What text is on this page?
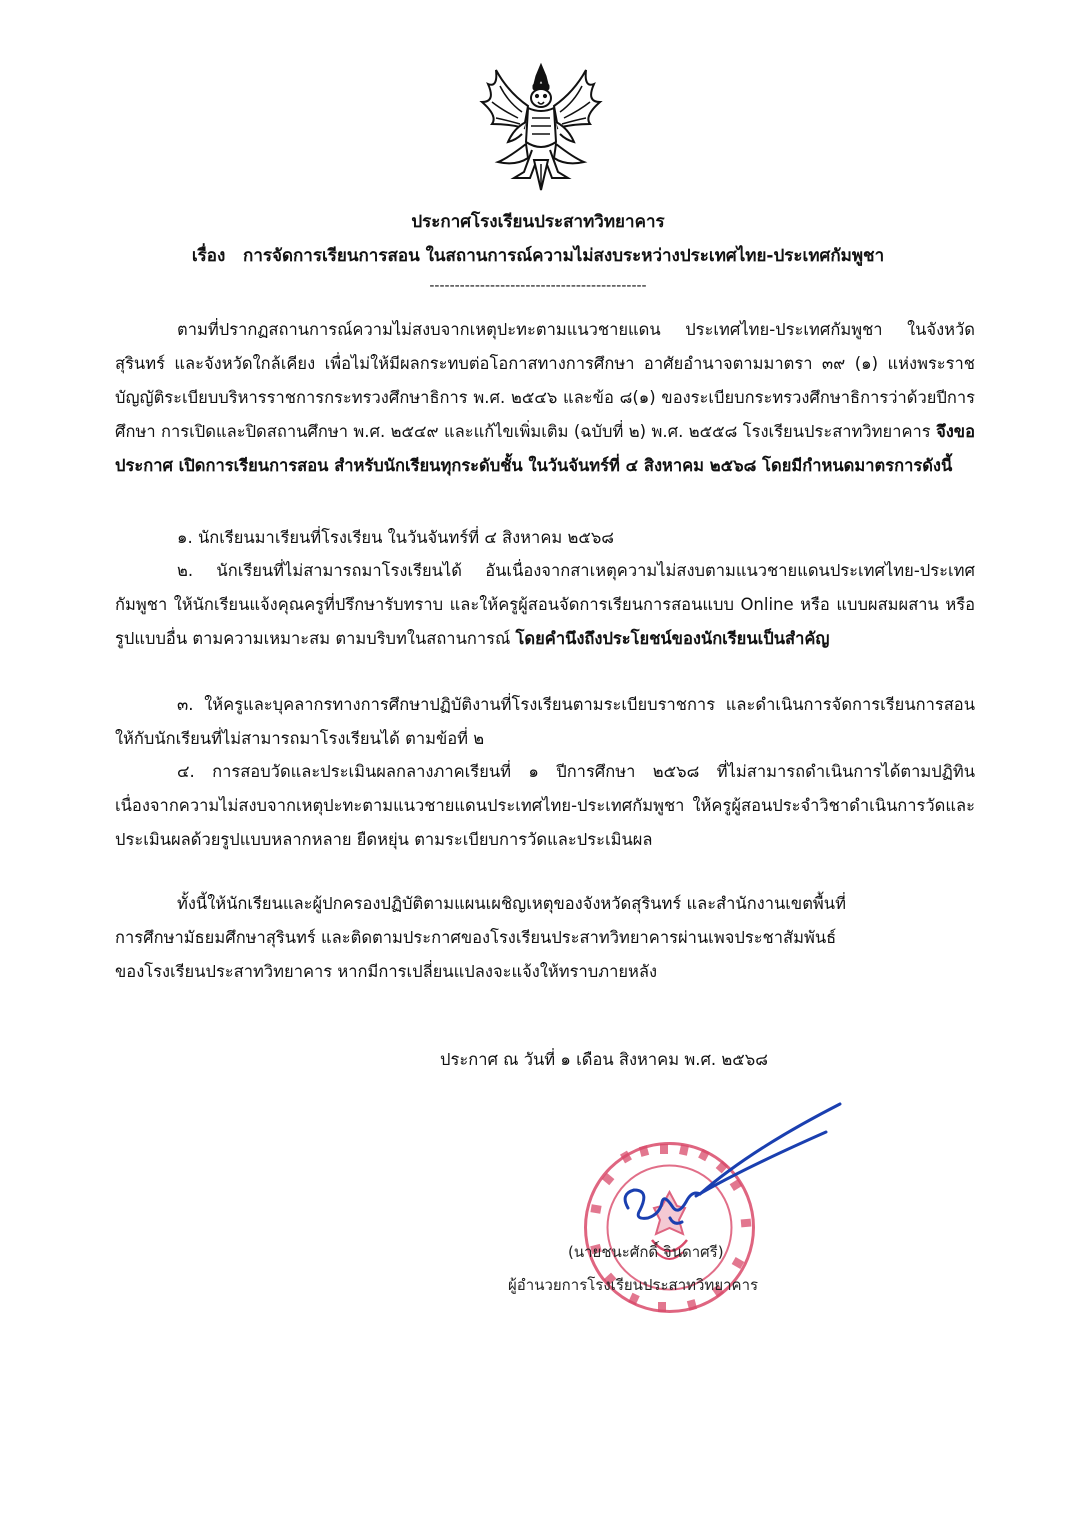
ประกาศโรงเรียนประสาทวิทยาคาร
เรื่อง การจัดการเรียนการสอน ในสถานการณ์ความไม่สงบระหว่างประเทศไทย-ประเทศกัมพูชา
-------------------------------------------
ตามที่ปรากฏสถานการณ์ความไม่สงบจากเหตุปะทะตามแนวชายแดน ประเทศไทย-ประเทศกัมพูชา ในจังหวัดสุรินทร์ และจังหวัดใกล้เคียง เพื่อไม่ให้มีผลกระทบต่อโอกาสทางการศึกษา อาศัยอำนาจตามมาตรา ๓๙ (๑) แห่งพระราชบัญญัติระเบียบบริหารราชการกระทรวงศึกษาธิการ พ.ศ. ๒๕๔๖ และข้อ ๘(๑) ของระเบียบกระทรวงศึกษาธิการว่าด้วยปีการศึกษา การเปิดและปิดสถานศึกษา พ.ศ. ๒๕๔๙ และแก้ไขเพิ่มเติม (ฉบับที่ ๒) พ.ศ. ๒๕๕๘ โรงเรียนประสาทวิทยาคาร จึงขอประกาศ เปิดการเรียนการสอน สำหรับนักเรียนทุกระดับชั้น ในวันจันทร์ที่ ๔ สิงหาคม ๒๕๖๘ โดยมีกำหนดมาตรการดังนี้
๑. นักเรียนมาเรียนที่โรงเรียน ในวันจันทร์ที่ ๔ สิงหาคม ๒๕๖๘
๒. นักเรียนที่ไม่สามารถมาโรงเรียนได้ อันเนื่องจากสาเหตุความไม่สงบตามแนวชายแดนประเทศไทย-ประเทศกัมพูชา ให้นักเรียนแจ้งคุณครูที่ปรึกษารับทราบ และให้ครูผู้สอนจัดการเรียนการสอนแบบ Online หรือ แบบผสมผสาน หรือรูปแบบอื่น ตามความเหมาะสม ตามบริบทในสถานการณ์ โดยคำนึงถึงประโยชน์ของนักเรียนเป็นสำคัญ
๓. ให้ครูและบุคลากรทางการศึกษาปฏิบัติงานที่โรงเรียนตามระเบียบราชการ และดำเนินการจัดการเรียนการสอนให้กับนักเรียนที่ไม่สามารถมาโรงเรียนได้ ตามข้อที่ ๒
๔. การสอบวัดและประเมินผลกลางภาคเรียนที่ ๑ ปีการศึกษา ๒๕๖๘ ที่ไม่สามารถดำเนินการได้ตามปฏิทินเนื่องจากความไม่สงบจากเหตุปะทะตามแนวชายแดนประเทศไทย-ประเทศกัมพูชา ให้ครูผู้สอนประจำวิชาดำเนินการวัดและประเมินผลด้วยรูปแบบหลากหลาย ยืดหยุ่น ตามระเบียบการวัดและประเมินผล
ทั้งนี้ให้นักเรียนและผู้ปกครองปฏิบัติตามแผนเผชิญเหตุของจังหวัดสุรินทร์ และสำนักงานเขตพื้นที่
การศึกษามัธยมศึกษาสุรินทร์ และติดตามประกาศของโรงเรียนประสาทวิทยาคารผ่านเพจประชาสัมพันธ์
ของโรงเรียนประสาทวิทยาคาร หากมีการเปลี่ยนแปลงจะแจ้งให้ทราบภายหลัง
ประกาศ ณ วันที่ ๑ เดือน สิงหาคม พ.ศ. ๒๕๖๘
(นายชนะศักดิ์ จินดาศรี)
ผู้อำนวยการโรงเรียนประสาทวิทยาคาร
